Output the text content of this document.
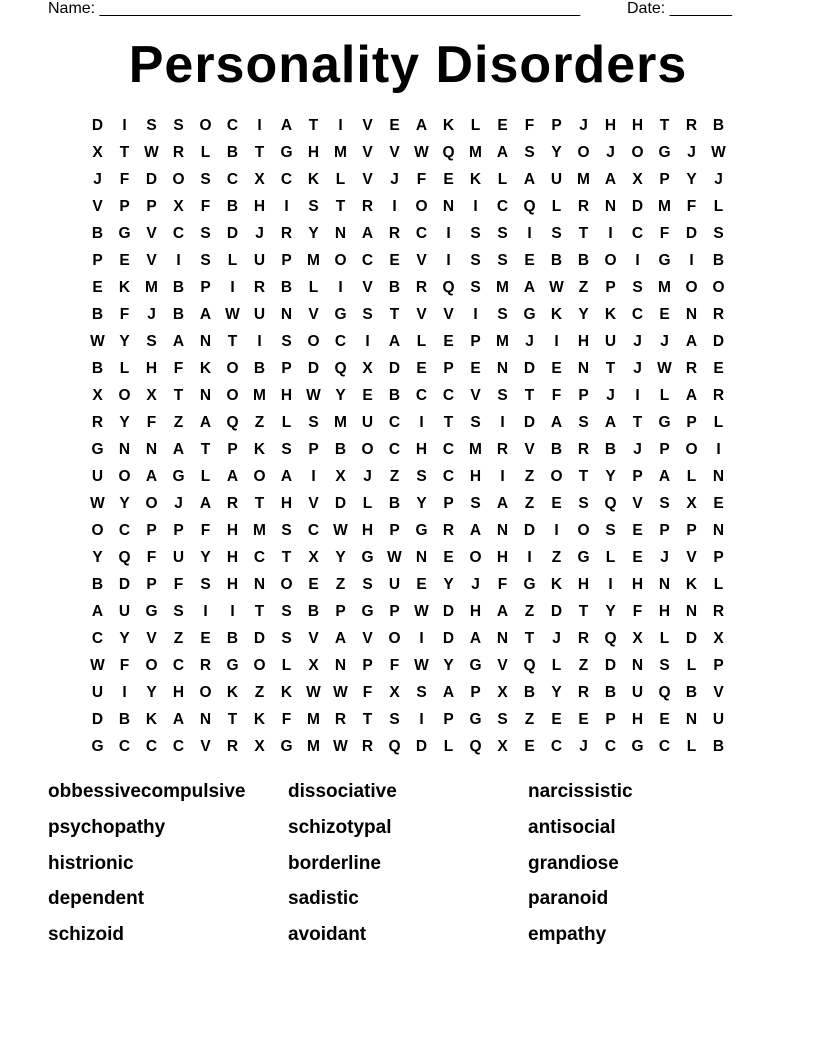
Name: ______________________________________________________	Date: _______
Personality Disorders
D	I	S	S	O C	I	A	T	I	V	E	A	K	L	E	F	P	J	H	H	T	R	B
X	T W R	L	B	T	G H M V	V W Q M A	S	Y	O	J	O G	J W
J	F	D O	S	C	X	C	K	L	V	J	F	E	K	L	A	U M A	X	P	Y	J
V	P	P	X	F	B	H	I	S	T	R	I	O N	I	C Q	L	R	N	D M	F	L
B G	V	C	S	D	J	R	Y	N	A	R	C	I	S	S	I	S	T	I	C	F	D	S
P	E	V	I	S	L	U	P M O C	E	V	I	S	S	E	B	B O	I	G	I	B
E	K M B	P	I	R	B	L	I	V	B	R Q	S M A W Z	P	S M O O
B	F	J	B	A W U	N	V	G	S	T	V	V	I	S	G K	Y	K	C	E	N	R
W Y	S	A	N	T	I	S	O C	I	A	L	E	P M	J	I	H	U	J	J	A	D
B	L	H	F	K O B	P	D Q	X	D	E	P	E	N	D	E	N	T	J W R	E
X	O	X	T	N O M H W Y	E	B	C	C	V	S	T	F	P	J	I	L	A	R
R	Y	F	Z	A Q	Z	L	S M U	C	I	T	S	I	D	A	S	A	T	G	P	L
G N	N	A	T	P	K	S	P	B O C	H	C M R	V	B	R	B	J	P	O	I
U O A G	L	A O A	I	X	J	Z	S	C	H	I	Z	O	T	Y	P	A	L	N
W Y	O	J	A	R	T	H	V	D	L	B	Y	P	S	A	Z	E	S	Q	V	S	X	E
O C	P	P	F	H M S	C W H	P	G R	A	N	D	I	O	S	E	P	P	N
Y	Q	F	U	Y	H	C	T	X	Y	G W N	E	O H	I	Z	G	L	E	J	V	P
B	D	P	F	S	H	N O	E	Z	S	U	E	Y	J	F	G K	H	I	H	N	K	L
A	U G	S	I	I	T	S	B	P	G	P W D	H	A	Z	D	T	Y	F	H	N	R
C	Y	V	Z	E	B	D	S	V	A	V	O	I	D	A	N	T	J	R Q	X	L	D	X
W F	O C	R G O	L	X	N	P	F W Y	G	V	Q	L	Z	D	N	S	L	P
U	I	Y	H O K	Z	K W W F	X	S	A	P	X	B	Y	R	B	U Q B	V
D	B	K	A	N	T	K	F	M R	T	S	I	P	G	S	Z	E	E	P	H	E	N	U
G C	C	C	V	R	X	G M W R Q D	L	Q	X	E	C	J	C G C	L	B
obbessivecompulsive	dissociative	narcissistic
psychopathy	schizotypal	antisocial
histrionic	borderline	grandiose
dependent	sadistic	paranoid
schizoid	avoidant	empathy
